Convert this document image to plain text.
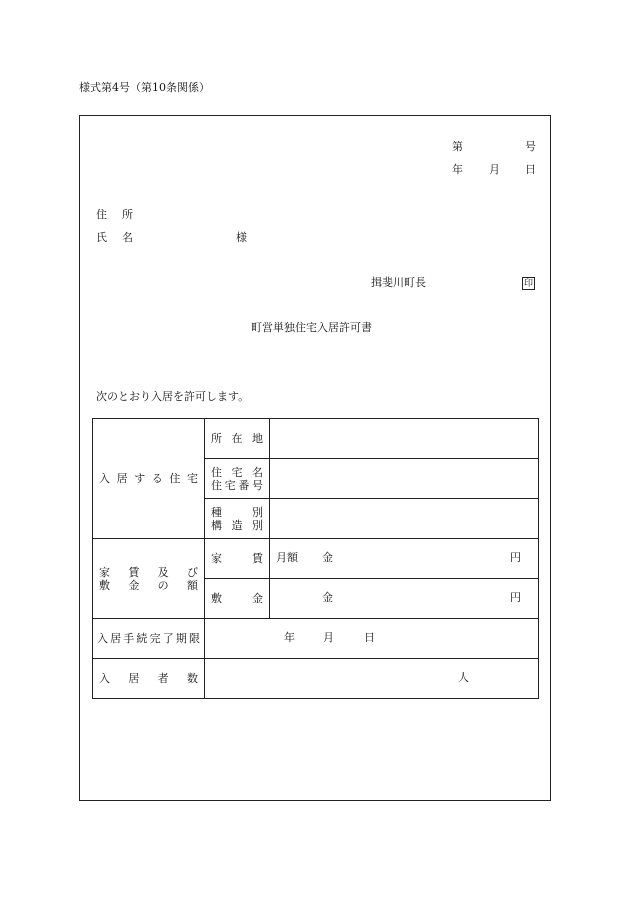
様式第4号（第10条関係）
第	号
年 月 日
住　所
氏　名	様
揖斐川町長	印
町営単独住宅入居許可書
次のとおり入居を許可します。
入居する住宅	所在地	

	住宅名
住宅番号	

	種別
構造別	

家賃及び
敷金の額	家賃	月額 金 円

	敷金	金 円

入居手続完了期限	年 月 日	

入居者数	人	
